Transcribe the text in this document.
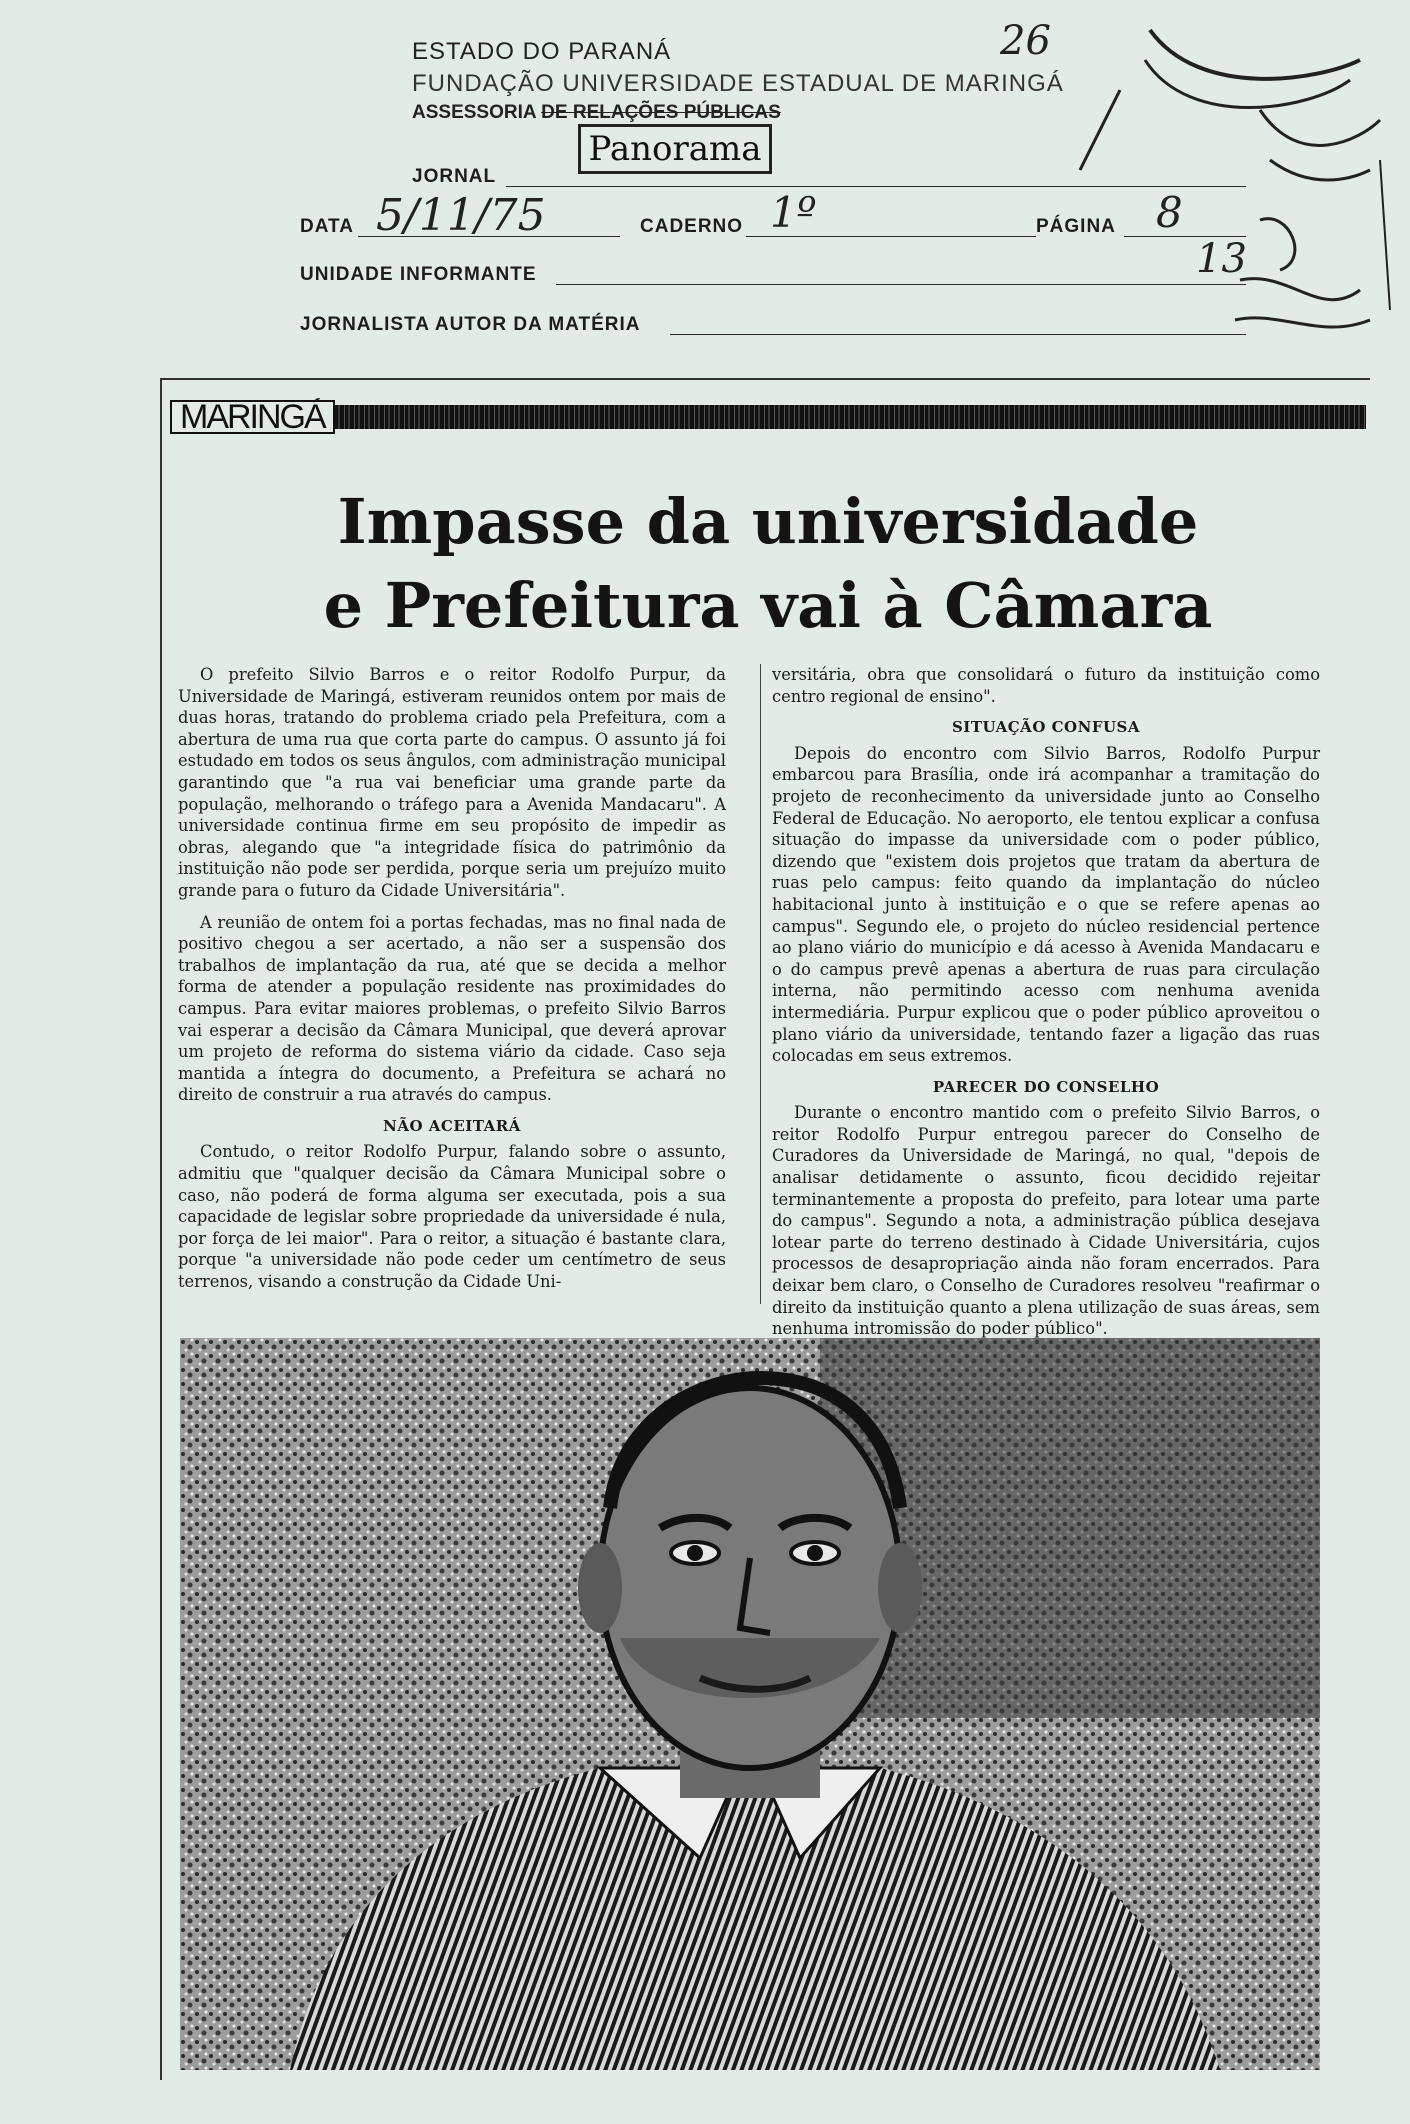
ESTADO DO PARANÁ
FUNDAÇÃO UNIVERSIDADE ESTADUAL DE MARINGÁ
ASSESSORIA DE RELAÇÕES PÚBLICAS
26
13
Panorama
JORNAL
DATA 5/11/75	CADERNO 1º	PÁGINA 8
UNIDADE INFORMANTE
JORNALISTA AUTOR DA MATÉRIA
MARINGÁ
Impasse da universidade
e Prefeitura vai à Câmara

O prefeito Silvio Barros e o reitor Rodolfo Purpur, da Universidade de Maringá, estiveram reunidos ontem por mais de duas horas, tratando do problema criado pela Prefeitura, com a abertura de uma rua que corta parte do campus. O assunto já foi estudado em todos os seus ângulos, com administração municipal garantindo que "a rua vai beneficiar uma grande parte da população, melhorando o tráfego para a Avenida Mandacaru". A universidade continua firme em seu propósito de impedir as obras, alegando que "a integridade física do patrimônio da instituição não pode ser perdida, porque seria um prejuízo muito grande para o futuro da Cidade Universitária".

A reunião de ontem foi a portas fechadas, mas no final nada de positivo chegou a ser acertado, a não ser a suspensão dos trabalhos de implantação da rua, até que se decida a melhor forma de atender a população residente nas proximidades do campus. Para evitar maiores problemas, o prefeito Silvio Barros vai esperar a decisão da Câmara Municipal, que deverá aprovar um projeto de reforma do sistema viário da cidade. Caso seja mantida a íntegra do documento, a Prefeitura se achará no direito de construir a rua através do campus.

NÃO ACEITARÁ

Contudo, o reitor Rodolfo Purpur, falando sobre o assunto, admitiu que "qualquer decisão da Câmara Municipal sobre o caso, não poderá de forma alguma ser executada, pois a sua capacidade de legislar sobre propriedade da universidade é nula, por força de lei maior". Para o reitor, a situação é bastante clara, porque "a universidade não pode ceder um centímetro de seus terrenos, visando a construção da Cidade Uni-

versitária, obra que consolidará o futuro da instituição como centro regional de ensino".

SITUAÇÃO CONFUSA

Depois do encontro com Silvio Barros, Rodolfo Purpur embarcou para Brasília, onde irá acompanhar a tramitação do projeto de reconhecimento da universidade junto ao Conselho Federal de Educação. No aeroporto, ele tentou explicar a confusa situação do impasse da universidade com o poder público, dizendo que "existem dois projetos que tratam da abertura de ruas pelo campus: feito quando da implantação do núcleo habitacional junto à instituição e o que se refere apenas ao campus". Segundo ele, o projeto do núcleo residencial pertence ao plano viário do município e dá acesso à Avenida Mandacaru e o do campus prevê apenas a abertura de ruas para circulação interna, não permitindo acesso com nenhuma avenida intermediária. Purpur explicou que o poder público aproveitou o plano viário da universidade, tentando fazer a ligação das ruas colocadas em seus extremos.

PARECER DO CONSELHO

Durante o encontro mantido com o prefeito Silvio Barros, o reitor Rodolfo Purpur entregou parecer do Conselho de Curadores da Universidade de Maringá, no qual, "depois de analisar detidamente o assunto, ficou decidido rejeitar terminantemente a proposta do prefeito, para lotear uma parte do campus". Segundo a nota, a administração pública desejava lotear parte do terreno destinado à Cidade Universitária, cujos processos de desapropriação ainda não foram encerrados. Para deixar bem claro, o Conselho de Curadores resolveu "reafirmar o direito da instituição quanto a plena utilização de suas áreas, sem nenhuma intromissão do poder público".
